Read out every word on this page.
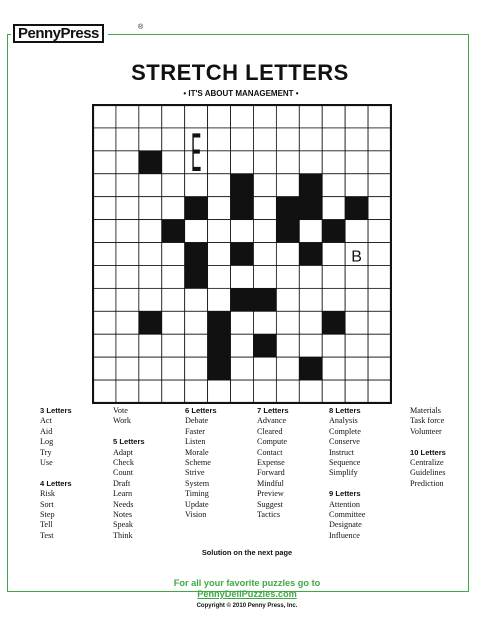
PennyPress	®
STRETCH LETTERS
• IT'S ABOUT MANAGEMENT •
E
B
3 Letters
Act
Aid
Log
Try
Use
4 Letters
Risk
Sort
Step
Tell
Test
Vote
Work
5 Letters
Adapt
Check
Count
Draft
Learn
Needs
Notes
Speak
Think
6 Letters
Debate
Faster
Listen
Morale
Scheme
Strive
System
Timing
Update
Vision
7 Letters
Advance
Cleared
Compute
Contact
Expense
Forward
Mindful
Preview
Suggest
Tactics
8 Letters
Analysis
Complete
Conserve
Instruct
Sequence
Simplify
9 Letters
Attention
Committee
Designate
Influence
Materials
Task force
Volunteer
10 Letters
Centralize
Guidelines
Prediction
Solution on the next page
For all your favorite puzzles go to
PennyDellPuzzles.com
Copyright © 2010 Penny Press, Inc.
